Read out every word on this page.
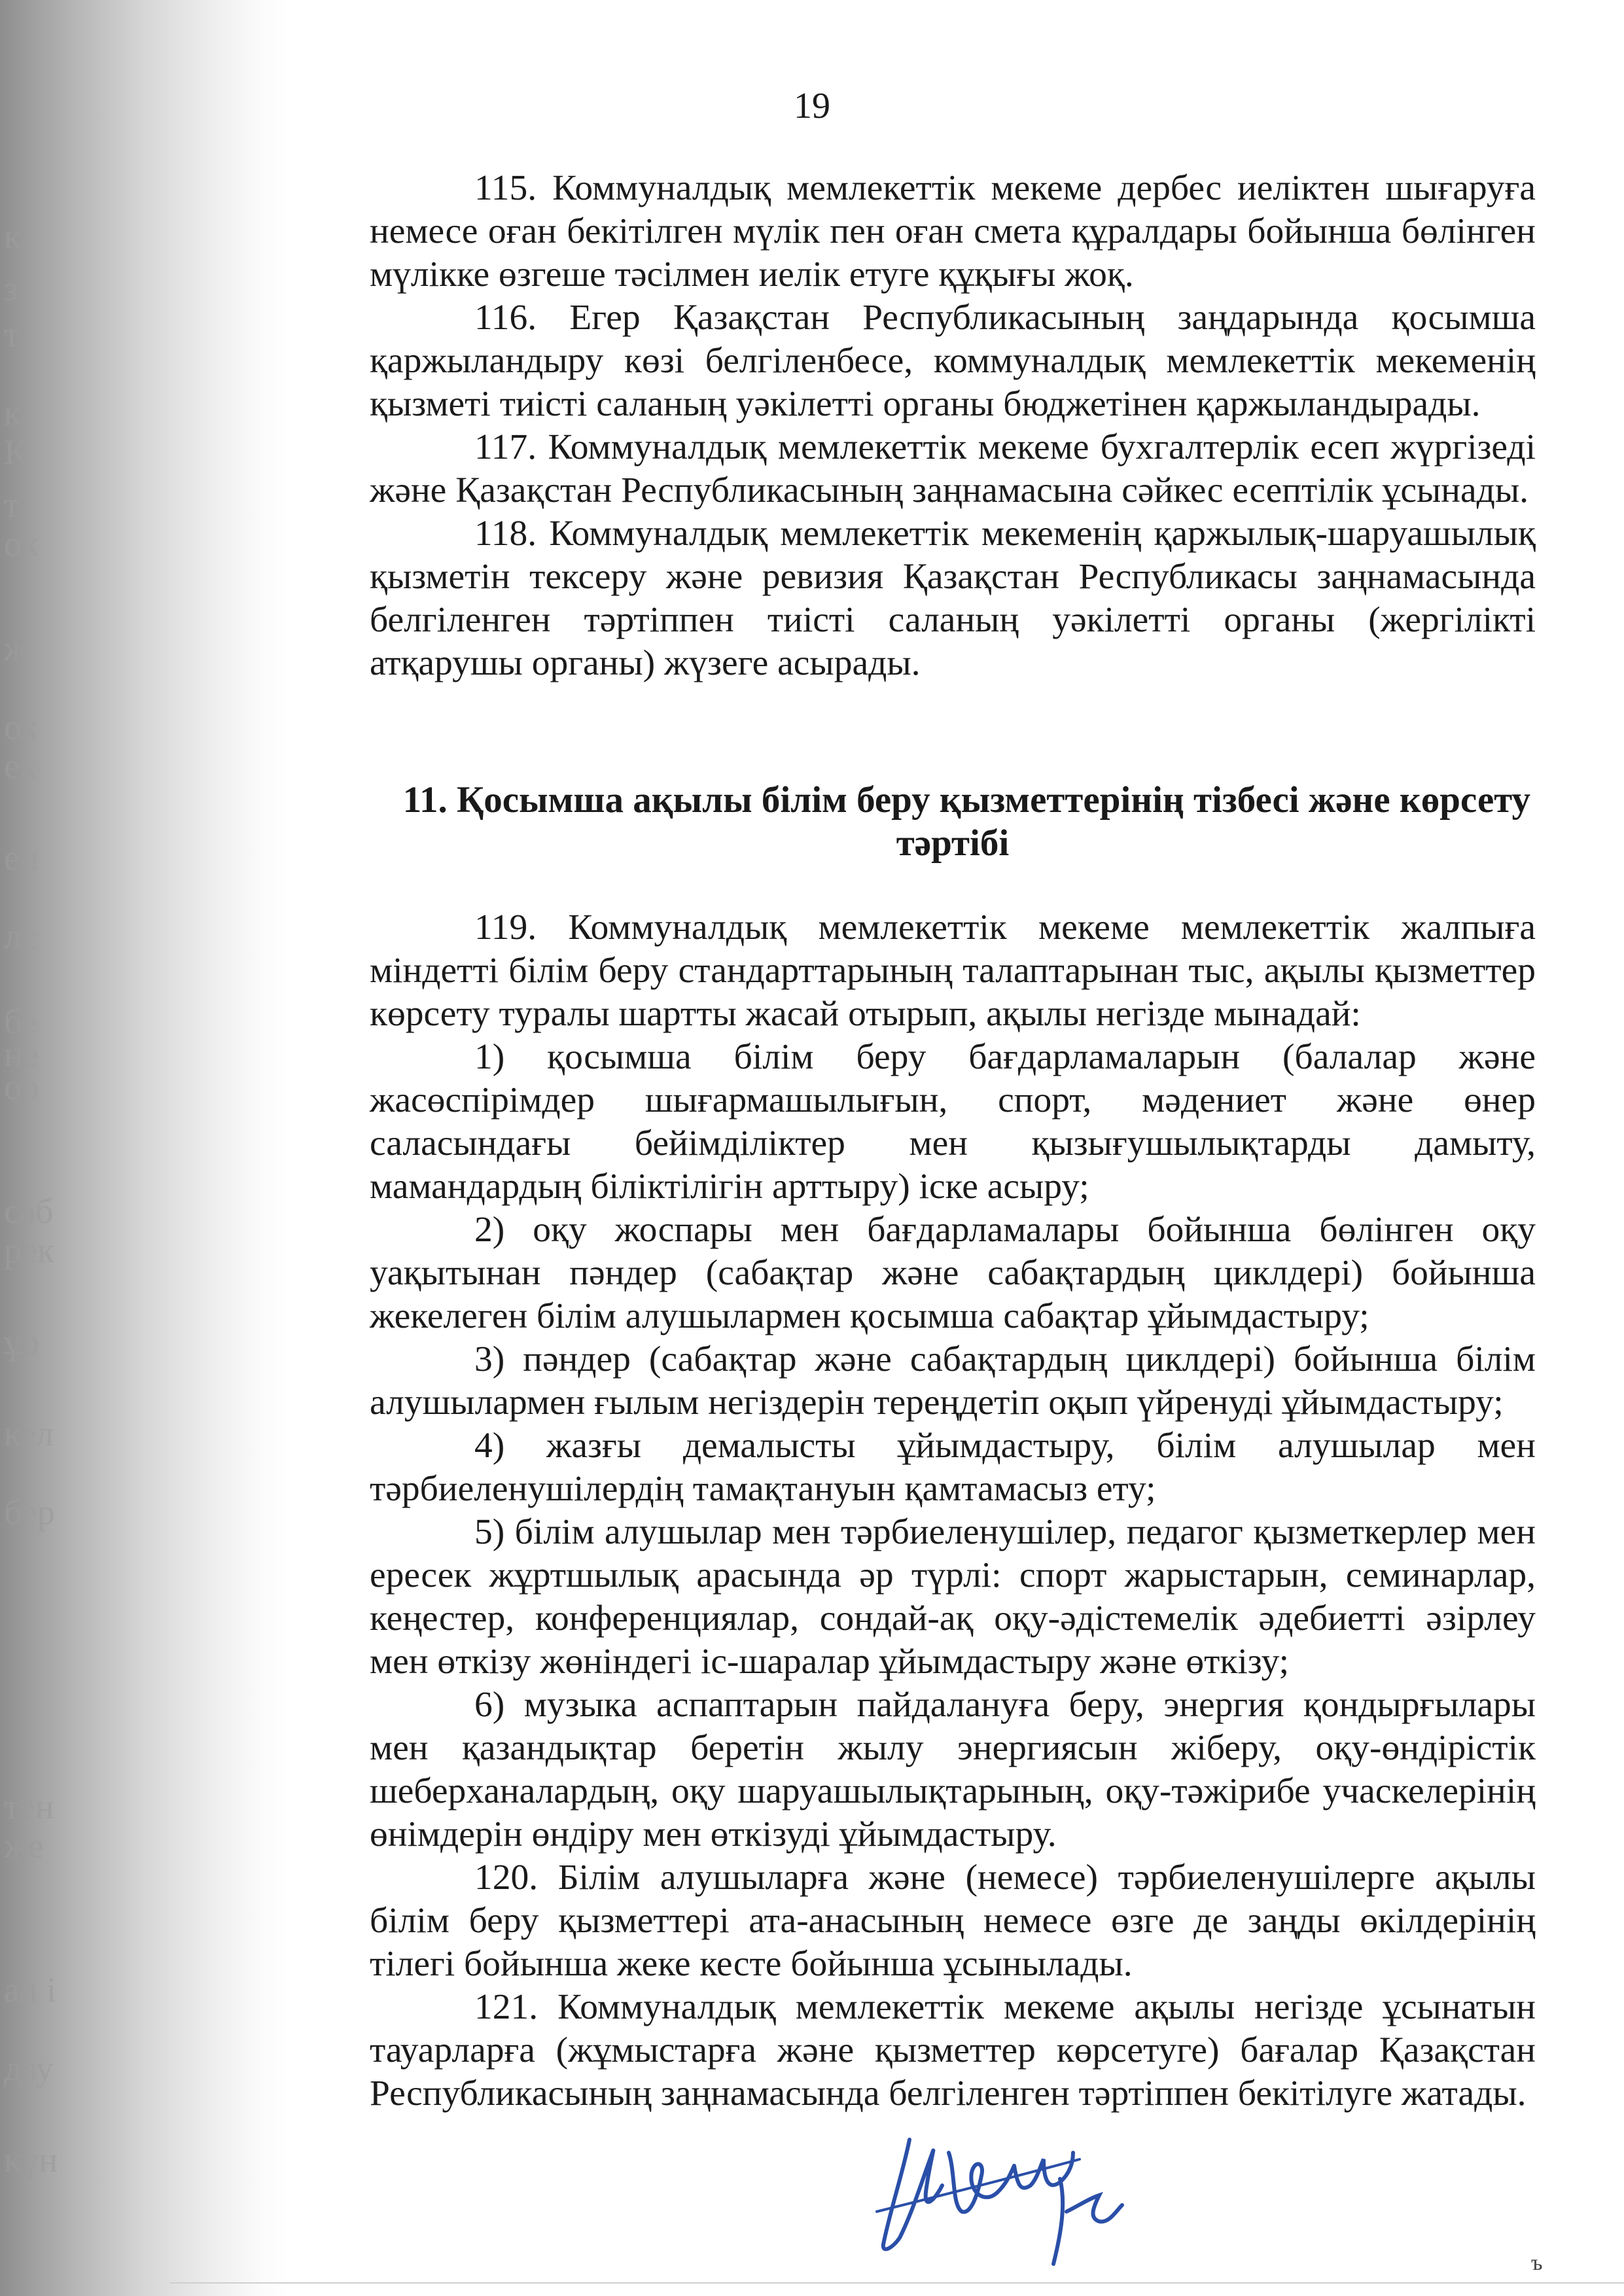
к
з
т
к
К
т
ок
ж
ох
ек
ен
лс
бе
не
ор
сәб
рек
ұр
кел
бер
тен
же
ал і
дау
күн
19

115. Коммуналдық мемлекеттік мекеме дербес иеліктен шығаруға немесе оған бекітілген мүлік пен оған смета құралдары бойынша бөлінген мүлікке өзгеше тәсілмен иелік етуге құқығы жоқ.

116. Егер Қазақстан Республикасының заңдарында қосымша қаржыландыру көзі белгіленбесе, коммуналдық мемлекеттік мекеменің қызметі тиісті саланың уәкілетті органы бюджетінен қаржыландырады.

117. Коммуналдық мемлекеттік мекеме бухгалтерлік есеп жүргізеді және Қазақстан Республикасының заңнамасына сәйкес есептілік ұсынады.

118. Коммуналдық мемлекеттік мекеменің қаржылық-шаруашылық қызметін тексеру және ревизия Қазақстан Республикасы заңнамасында белгіленген тәртіппен тиісті саланың уәкілетті органы (жергілікті атқарушы органы) жүзеге асырады.

11. Қосымша ақылы білім беру қызметтерінің тізбесі және көрсету
тәртібі

119. Коммуналдық мемлекеттік мекеме мемлекеттік жалпыға міндетті білім беру стандарттарының талаптарынан тыс, ақылы қызметтер көрсету туралы шартты жасай отырып, ақылы негізде мынадай:

1) қосымша білім беру бағдарламаларын (балалар және жасөспірімдер шығармашылығын, спорт, мәдениет және өнер саласындағы бейімділіктер мен қызығушылықтарды дамыту, мамандардың біліктілігін арттыру) іске асыру;

2) оқу жоспары мен бағдарламалары бойынша бөлінген оқу уақытынан пәндер (сабақтар және сабақтардың циклдері) бойынша жекелеген білім алушылармен қосымша сабақтар ұйымдастыру;

3) пәндер (сабақтар және сабақтардың циклдері) бойынша білім алушылармен ғылым негіздерін тереңдетіп оқып үйренуді ұйымдастыру;

4) жазғы демалысты ұйымдастыру, білім алушылар мен тәрбиеленушілердің тамақтануын қамтамасыз ету;

5) білім алушылар мен тәрбиеленушілер, педагог қызметкерлер мен ересек жұртшылық арасында әр түрлі: спорт жарыстарын, семинарлар, кеңестер, конференциялар, сондай-ақ оқу-әдістемелік әдебиетті әзірлеу мен өткізу жөніндегі іс-шаралар ұйымдастыру және өткізу;

6) музыка аспаптарын пайдалануға беру, энергия қондырғылары мен қазандықтар беретін жылу энергиясын жіберу, оқу-өндірістік шеберханалардың, оқу шаруашылықтарының, оқу-тәжірибе учаскелерінің өнімдерін өндіру мен өткізуді ұйымдастыру.

120. Білім алушыларға және (немесе) тәрбиеленушілерге ақылы білім беру қызметтері ата-анасының немесе өзге де заңды өкілдерінің тілегі бойынша жеке кесте бойынша ұсынылады.

121. Коммуналдық мемлекеттік мекеме ақылы негізде ұсынатын тауарларға (жұмыстарға және қызметтер көрсетуге) бағалар Қазақстан Республикасының заңнамасында белгіленген тәртіппен бекітілуге жатады.

ъ
